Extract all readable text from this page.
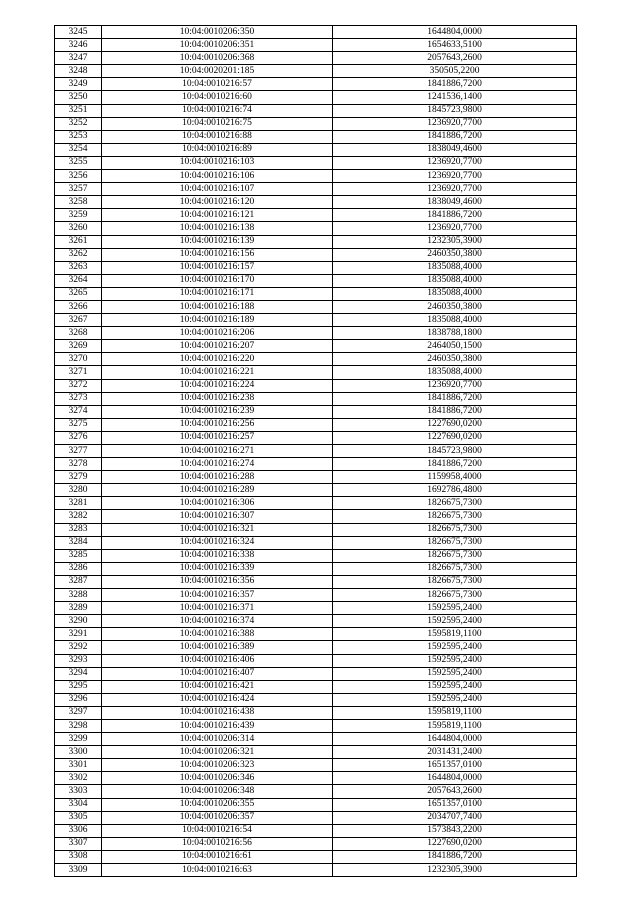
3245	10:04:0010206:350	1644804,0000
3246	10:04:0010206:351	1654633,5100
3247	10:04:0010206:368	2057643,2600
3248	10:04:0020201:185	350505,2200
3249	10:04:0010216:57	1841886,7200
3250	10:04:0010216:60	1241536,1400
3251	10:04:0010216:74	1845723,9800
3252	10:04:0010216:75	1236920,7700
3253	10:04:0010216:88	1841886,7200
3254	10:04:0010216:89	1838049,4600
3255	10:04:0010216:103	1236920,7700
3256	10:04:0010216:106	1236920,7700
3257	10:04:0010216:107	1236920,7700
3258	10:04:0010216:120	1838049,4600
3259	10:04:0010216:121	1841886,7200
3260	10:04:0010216:138	1236920,7700
3261	10:04:0010216:139	1232305,3900
3262	10:04:0010216:156	2460350,3800
3263	10:04:0010216:157	1835088,4000
3264	10:04:0010216:170	1835088,4000
3265	10:04:0010216:171	1835088,4000
3266	10:04:0010216:188	2460350,3800
3267	10:04:0010216:189	1835088,4000
3268	10:04:0010216:206	1838788,1800
3269	10:04:0010216:207	2464050,1500
3270	10:04:0010216:220	2460350,3800
3271	10:04:0010216:221	1835088,4000
3272	10:04:0010216:224	1236920,7700
3273	10:04:0010216:238	1841886,7200
3274	10:04:0010216:239	1841886,7200
3275	10:04:0010216:256	1227690,0200
3276	10:04:0010216:257	1227690,0200
3277	10:04:0010216:271	1845723,9800
3278	10:04:0010216:274	1841886,7200
3279	10:04:0010216:288	1159958,4000
3280	10:04:0010216:289	1692786,4800
3281	10:04:0010216:306	1826675,7300
3282	10:04:0010216:307	1826675,7300
3283	10:04:0010216:321	1826675,7300
3284	10:04:0010216:324	1826675,7300
3285	10:04:0010216:338	1826675,7300
3286	10:04:0010216:339	1826675,7300
3287	10:04:0010216:356	1826675,7300
3288	10:04:0010216:357	1826675,7300
3289	10:04:0010216:371	1592595,2400
3290	10:04:0010216:374	1592595,2400
3291	10:04:0010216:388	1595819,1100
3292	10:04:0010216:389	1592595,2400
3293	10:04:0010216:406	1592595,2400
3294	10:04:0010216:407	1592595,2400
3295	10:04:0010216:421	1592595,2400
3296	10:04:0010216:424	1592595,2400
3297	10:04:0010216:438	1595819,1100
3298	10:04:0010216:439	1595819,1100
3299	10:04:0010206:314	1644804,0000
3300	10:04:0010206:321	2031431,2400
3301	10:04:0010206:323	1651357,0100
3302	10:04:0010206:346	1644804,0000
3303	10:04:0010206:348	2057643,2600
3304	10:04:0010206:355	1651357,0100
3305	10:04:0010206:357	2034707,7400
3306	10:04:0010216:54	1573843,2200
3307	10:04:0010216:56	1227690,0200
3308	10:04:0010216:61	1841886,7200
3309	10:04:0010216:63	1232305,3900
